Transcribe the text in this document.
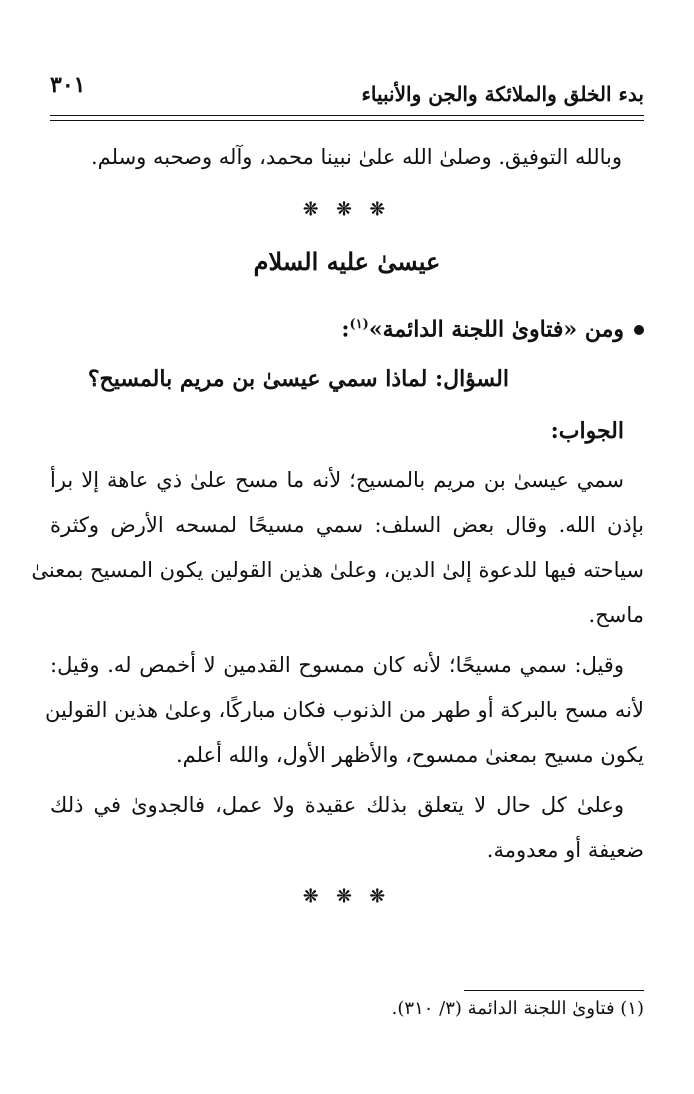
بدء الخلق والملائكة والجن والأنبياء
٣٠١
وبالله التوفيق. وصلىٰ الله علىٰ نبينا محمد، وآله وصحبه وسلم.
❊ ❊ ❊
عيسىٰ عليه السلام
ومن «فتاوىٰ اللجنة الدائمة»$^{(١)}$:
السؤال: لماذا سمي عيسىٰ بن مريم بالمسيح؟
الجواب:
سمي عيسىٰ بن مريم بالمسيح؛ لأنه ما مسح علىٰ ذي عاهة إلا برأ
بإذن الله. وقال بعض السلف: سمي مسيحًا لمسحه الأرض وكثرة
سياحته فيها للدعوة إلىٰ الدين، وعلىٰ هذين القولين يكون المسيح بمعنىٰ
ماسح.
وقيل: سمي مسيحًا؛ لأنه كان ممسوح القدمين لا أخمص له. وقيل:
لأنه مسح بالبركة أو طهر من الذنوب فكان مباركًا، وعلىٰ هذين القولين
يكون مسيح بمعنىٰ ممسوح، والأظهر الأول، والله أعلم.
وعلىٰ كل حال لا يتعلق بذلك عقيدة ولا عمل، فالجدوىٰ في ذلك
ضعيفة أو معدومة.
❊ ❊ ❊
(١) فتاوىٰ اللجنة الدائمة (٣/ ٣١٠).
